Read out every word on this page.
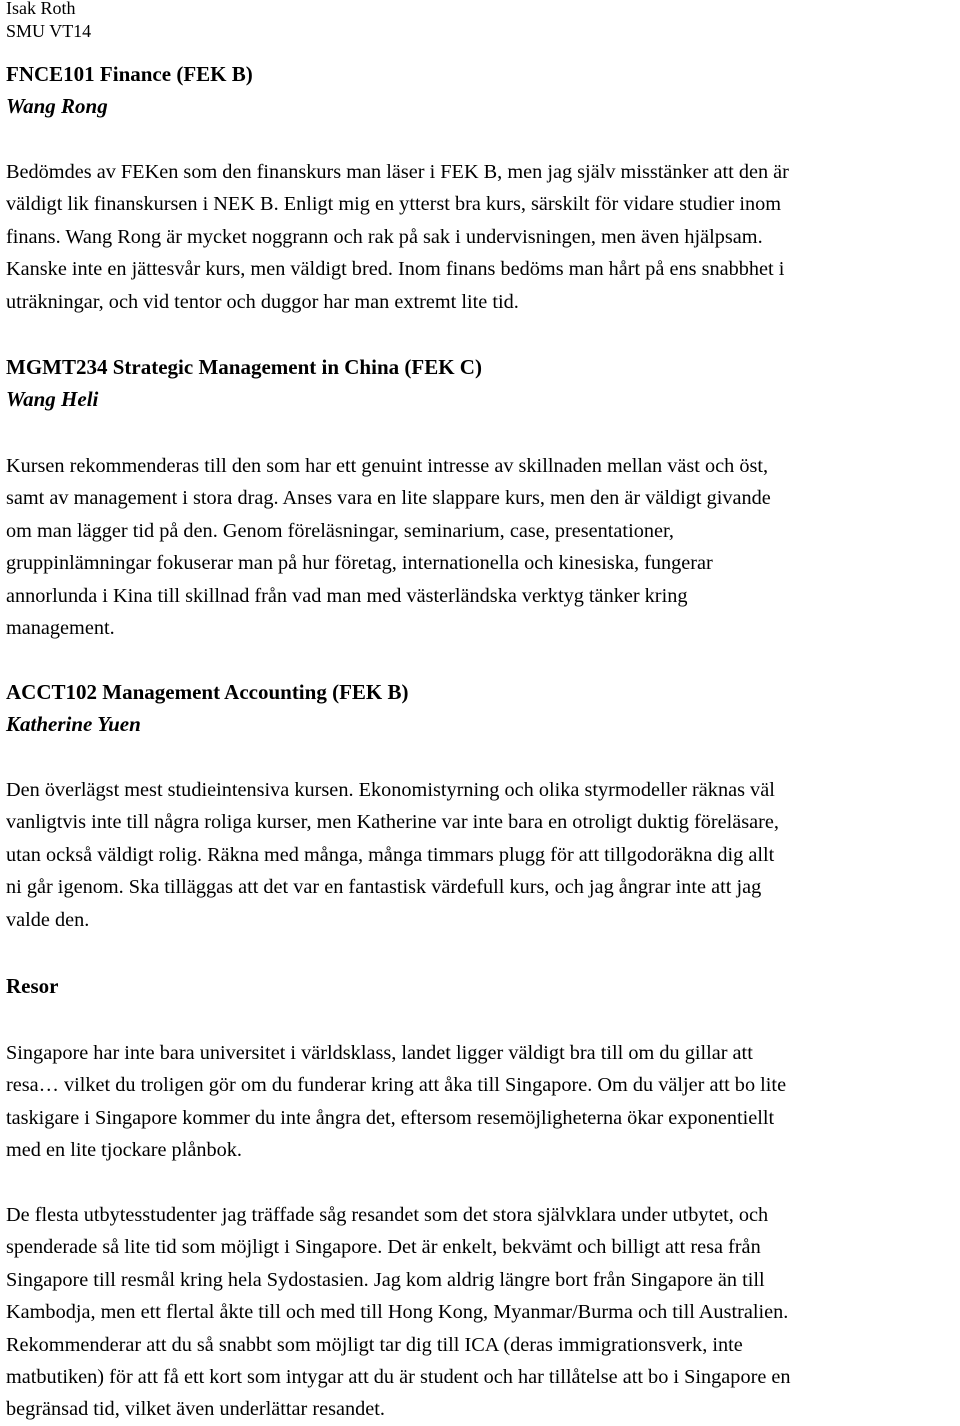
Isak Roth
SMU VT14
FNCE101 Finance (FEK B)
Wang Rong
Bedömdes av FEKen som den finanskurs man läser i FEK B, men jag själv misstänker att den är
väldigt lik finanskursen i NEK B. Enligt mig en ytterst bra kurs, särskilt för vidare studier inom
finans. Wang Rong är mycket noggrann och rak på sak i undervisningen, men även hjälpsam.
Kanske inte en jättesvår kurs, men väldigt bred. Inom finans bedöms man hårt på ens snabbhet i
uträkningar, och vid tentor och duggor har man extremt lite tid.
MGMT234 Strategic Management in China (FEK C)
Wang Heli
Kursen rekommenderas till den som har ett genuint intresse av skillnaden mellan väst och öst,
samt av management i stora drag. Anses vara en lite slappare kurs, men den är väldigt givande
om man lägger tid på den. Genom föreläsningar, seminarium, case, presentationer,
gruppinlämningar fokuserar man på hur företag, internationella och kinesiska, fungerar
annorlunda i Kina till skillnad från vad man med västerländska verktyg tänker kring
management.
ACCT102 Management Accounting (FEK B)
Katherine Yuen
Den överlägst mest studieintensiva kursen. Ekonomistyrning och olika styrmodeller räknas väl
vanligtvis inte till några roliga kurser, men Katherine var inte bara en otroligt duktig föreläsare,
utan också väldigt rolig. Räkna med många, många timmars plugg för att tillgodoräkna dig allt
ni går igenom. Ska tilläggas att det var en fantastisk värdefull kurs, och jag ångrar inte att jag
valde den.
Resor
Singapore har inte bara universitet i världsklass, landet ligger väldigt bra till om du gillar att
resa… vilket du troligen gör om du funderar kring att åka till Singapore. Om du väljer att bo lite
taskigare i Singapore kommer du inte ångra det, eftersom resemöjligheterna ökar exponentiellt
med en lite tjockare plånbok.
De flesta utbytesstudenter jag träffade såg resandet som det stora självklara under utbytet, och
spenderade så lite tid som möjligt i Singapore. Det är enkelt, bekvämt och billigt att resa från
Singapore till resmål kring hela Sydostasien. Jag kom aldrig längre bort från Singapore än till
Kambodja, men ett flertal åkte till och med till Hong Kong, Myanmar/Burma och till Australien.
Rekommenderar att du så snabbt som möjligt tar dig till ICA (deras immigrationsverk, inte
matbutiken) för att få ett kort som intygar att du är student och har tillåtelse att bo i Singapore en
begränsad tid, vilket även underlättar resandet.
